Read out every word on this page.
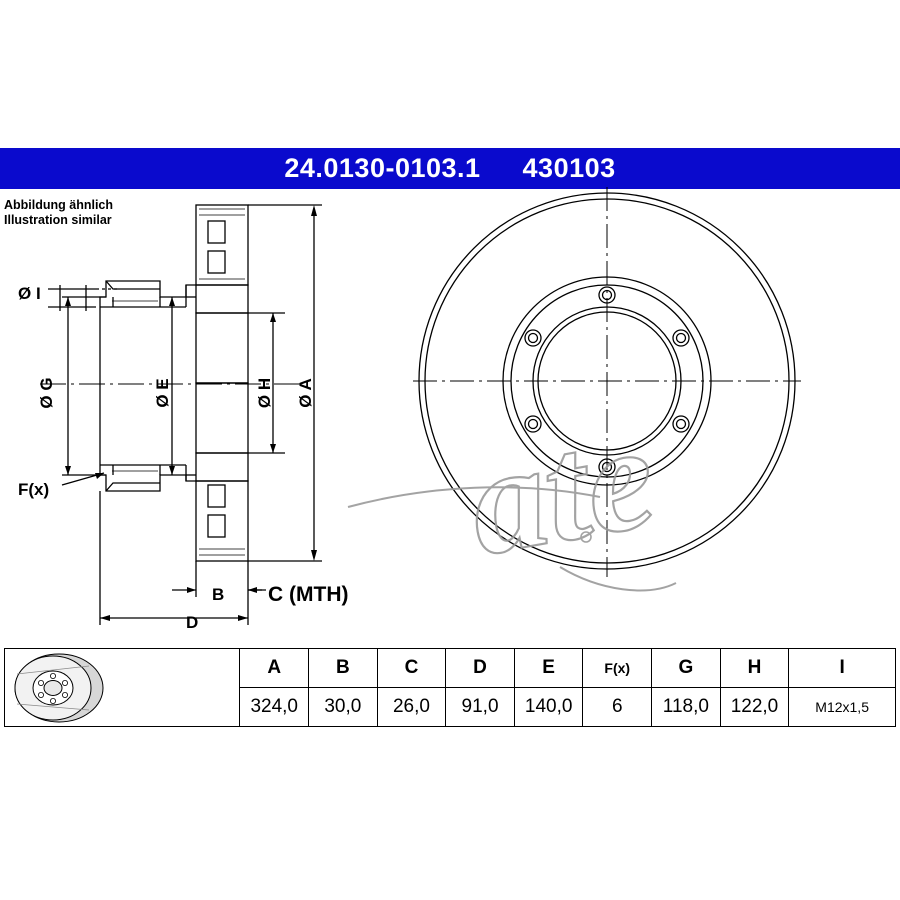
24.0130-0103.1 430103
Abbildung ähnlich
Illustration similar
Ø I
Ø G	Ø E	Ø H Ø A
F(x)
B C (MTH)
D
ate
	A	B	C	D	E	F(x)	G	H	I
	324,0	30,0	26,0	91,0	140,0	6	118,0	122,0	M12x1,5
